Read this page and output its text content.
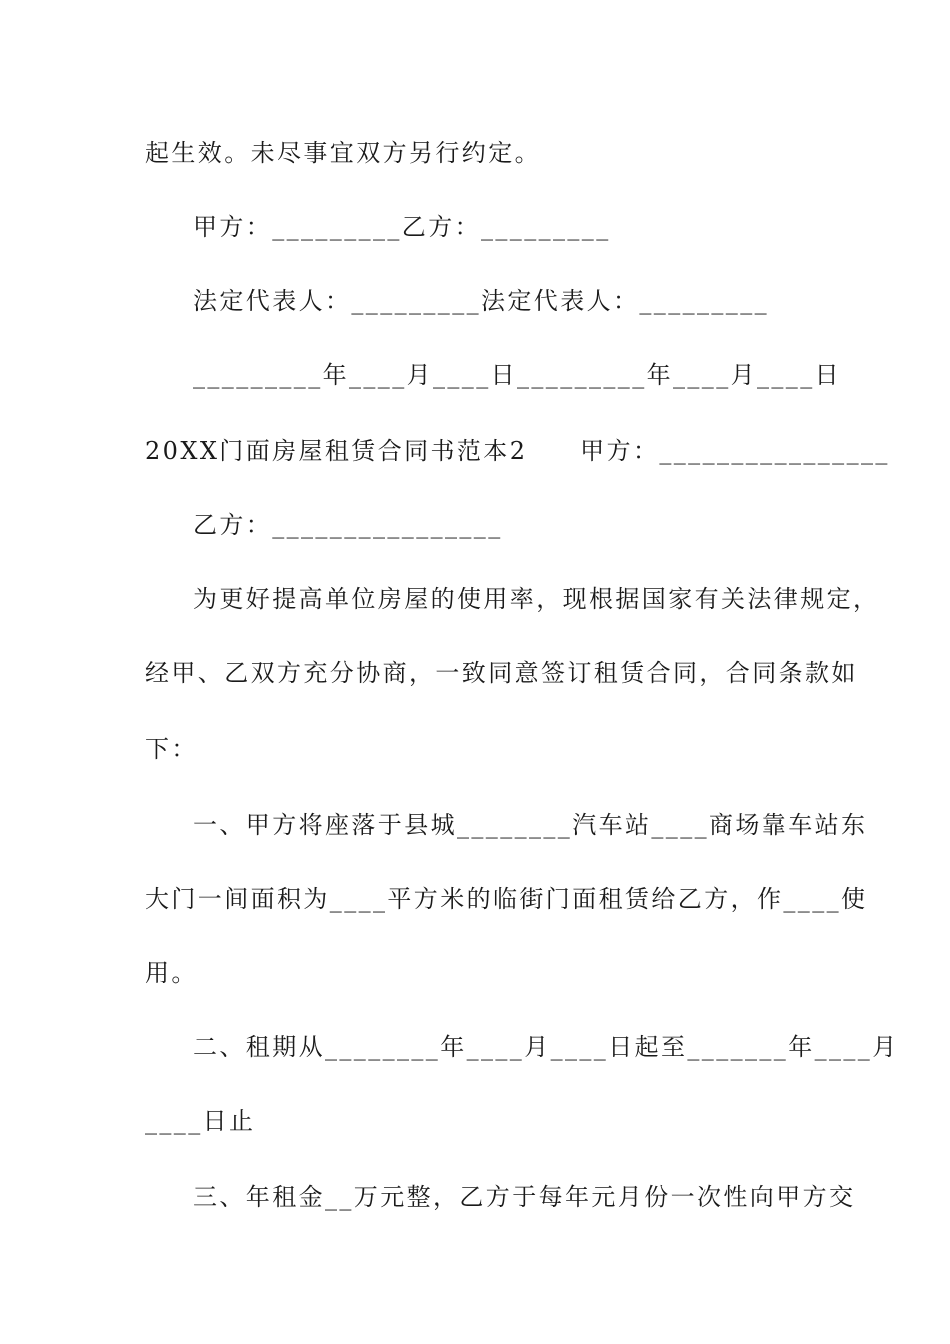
起生效。未尽事宜双方另行约定。
甲方：_________乙方：_________
法定代表人：_________法定代表人：_________
_________年____月____日_________年____月____日
20XX门面房屋租赁合同书范本2　　甲方：________________
乙方：________________
为更好提高单位房屋的使用率，现根据国家有关法律规定，
经甲、乙双方充分协商，一致同意签订租赁合同，合同条款如
下：
一、甲方将座落于县城________汽车站____商场靠车站东
大门一间面积为____平方米的临街门面租赁给乙方，作____使
用。
二、租期从________年____月____日起至_______年____月
____日止
三、年租金__万元整，乙方于每年元月份一次性向甲方交
